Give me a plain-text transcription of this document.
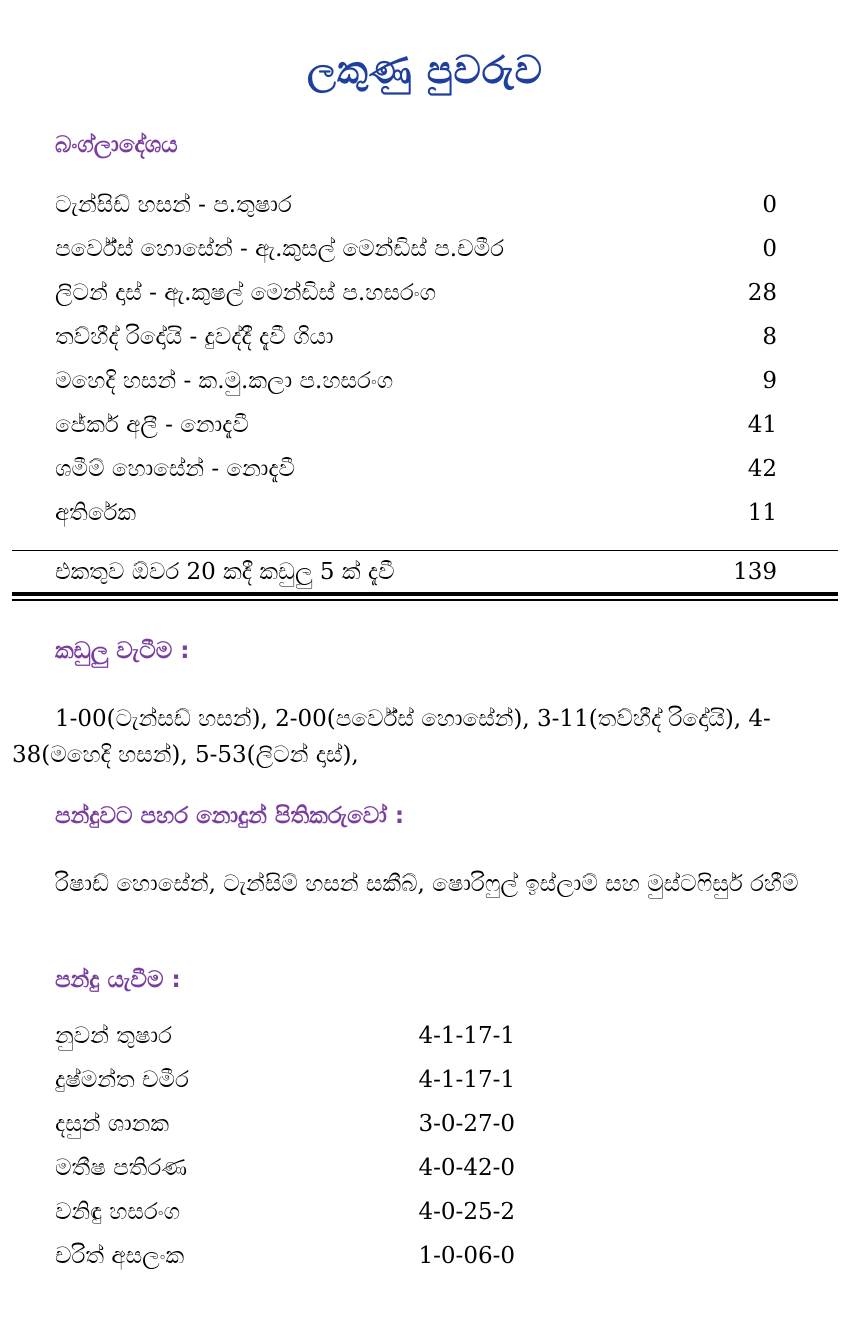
ලකුණු පුවරුව
බංග්ලාදේශය
ටැන්සිඩ් හසන් - ප.තුෂාර	0
පර්වේස් හොසේන් - ඇ.කුසල් මෙන්ඩිස් ප.චමීර	0
ලිටන් දාස් - ඇ.කුෂල් මෙන්ඩිස් ප.හසරංග	28
තව්හීද් රිදෝයි - දුවද්දී දැවී ගියා	8
මහෙදි හසන් - ක.මු.කලා ප.හසරංග	9
ජේකර් අලී - නොදැවී	41
ශමීම් හොසේන් - නොදැවී	42
අතිරේක	11
එකතුව ඕවර 20 කදී කඩුලු 5 ක් දැවී	139
කඩුලු වැටීම :
1-00(ටැන්සඩ් හසන්), 2-00(පර්වේස් හොසේන්), 3-11(තව්හීද් රිදෝයි), 4-38(මහෙදි හසන්), 5-53(ලිටන් දාස්),
පන්දුවට පහර නොදුන් පිතිකරුවෝ :
රිෂාඩ් හොසේන්, ටැන්සිම් හසන් සකීබ්, ෂොරිෆුල් ඉස්ලාම් සහ මුස්ටෆිසුර් රහීම්
පන්දු යැවීම :
නුවන් තුෂාර	4-1-17-1
දුෂ්මන්ත චමීර	4-1-17-1
දසුන් ශානක	3-0-27-0
මතීෂ පතිරණ	4-0-42-0
වනිඳු හසරංග	4-0-25-2
චරිත් අසලංක	1-0-06-0
